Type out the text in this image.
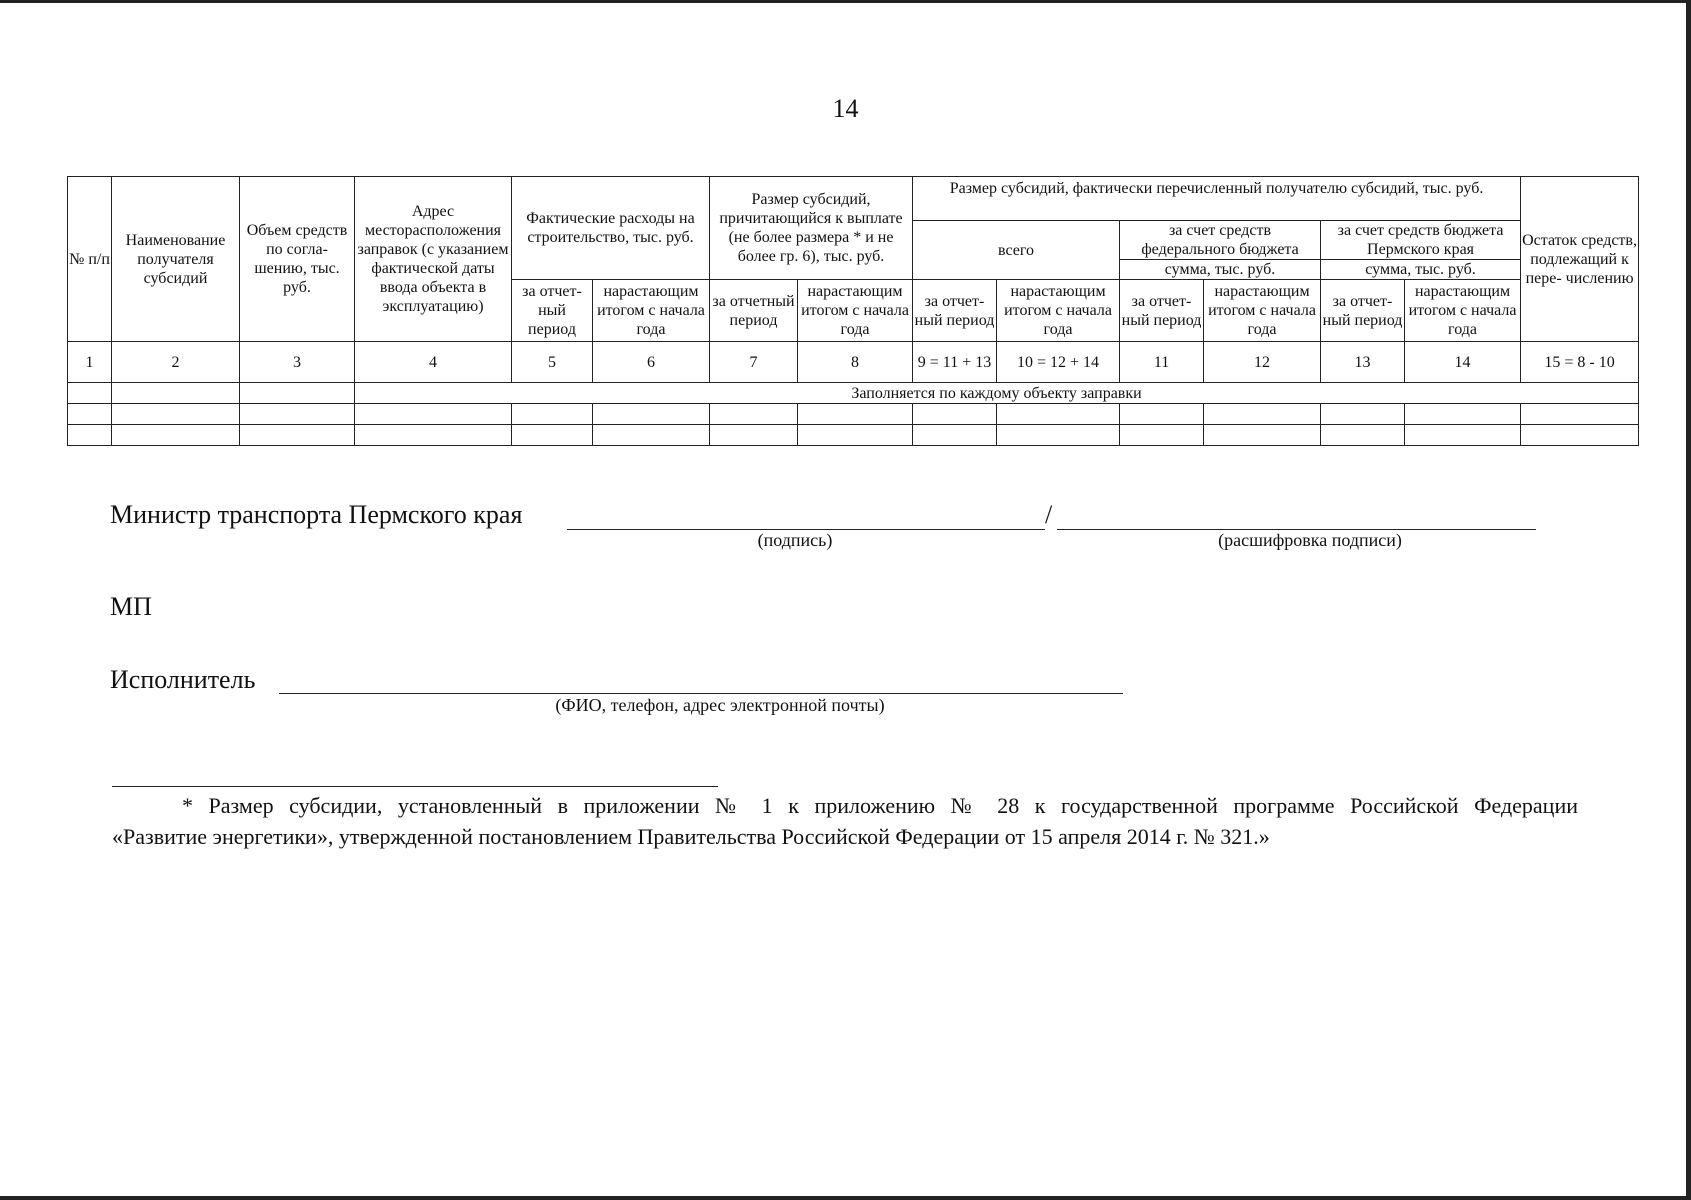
14
№ п/п	Наименование получателя субсидий	Объем средств по согла- шению, тыс. руб.	Адрес месторасположения заправок (с указанием фактической даты ввода объекта в эксплуатацию)	Фактические расходы на строительство, тыс. руб.		Размер субсидий, причитающийся к выплате (не более размера * и не более гр. 6), тыс. руб.		Размер субсидий, фактически перечисленный получателю субсидий, тыс. руб.						Остаток средств, подлежащий к пере- числению
								всего		за счет средств федерального бюджета		за счет средств бюджета Пермского края		
										сумма, тыс. руб.		сумма, тыс. руб.		
				за отчет- ный период	нарастающим итогом с начала года	за отчетный период	нарастающим итогом с начала года	за отчет- ный период	нарастающим итогом с начала года	за отчет- ный период	нарастающим итогом с начала года	за отчет- ный период	нарастающим итогом с начала года	
1	2	3	4	5	6	7	8	9 = 11 + 13	10 = 12 + 14	11	12	13	14	15 = 8 - 10
			Заполняется по каждому объекту заправки											

Министр транспорта Пермского края	/
(подпись)	(расшифровка подписи)
МП
Исполнитель
(ФИО, телефон, адрес электронной почты)

* Размер субсидии, установленный в приложении № 1 к приложению № 28 к государственной программе Российской Федерации

«Развитие энергетики», утвержденной постановлением Правительства Российской Федерации от 15 апреля 2014 г. № 321.»
